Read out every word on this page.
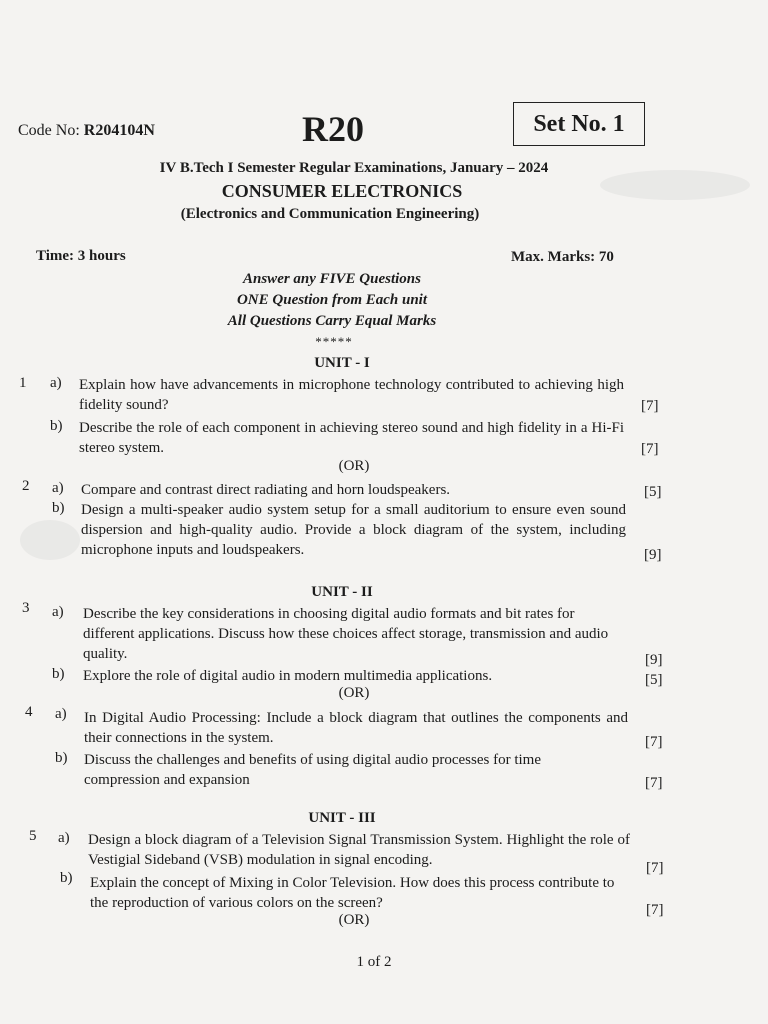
Code No: R204104N	R20	Set No. 1
IV B.Tech I Semester Regular Examinations, January – 2024
CONSUMER ELECTRONICS
(Electronics and Communication Engineering)
Time: 3 hours	Max. Marks: 70
Answer any FIVE Questions
ONE Question from Each unit
All Questions Carry Equal Marks
*****
UNIT - I
1 a) Explain how have advancements in microphone technology contributed to achieving high fidelity sound?	[7]
b) Describe the role of each component in achieving stereo sound and high fidelity in a Hi-Fi stereo system.	[7]
(OR)
2 a) Compare and contrast direct radiating and horn loudspeakers.	[5]
b) Design a multi-speaker audio system setup for a small auditorium to ensure even sound dispersion and high-quality audio. Provide a block diagram of the system, including microphone inputs and loudspeakers.	[9]
UNIT - II
3 a) Describe the key considerations in choosing digital audio formats and bit rates for different applications. Discuss how these choices affect storage, transmission and audio quality.	[9]
b) Explore the role of digital audio in modern multimedia applications.	[5]
(OR)
4 a) In Digital Audio Processing: Include a block diagram that outlines the components and their connections in the system.	[7]
b) Discuss the challenges and benefits of using digital audio processes for time compression and expansion	[7]
UNIT - III
5 a) Design a block diagram of a Television Signal Transmission System. Highlight the role of Vestigial Sideband (VSB) modulation in signal encoding.	[7]
b) Explain the concept of Mixing in Color Television. How does this process contribute to the reproduction of various colors on the screen?	[7]
(OR)
1 of 2
